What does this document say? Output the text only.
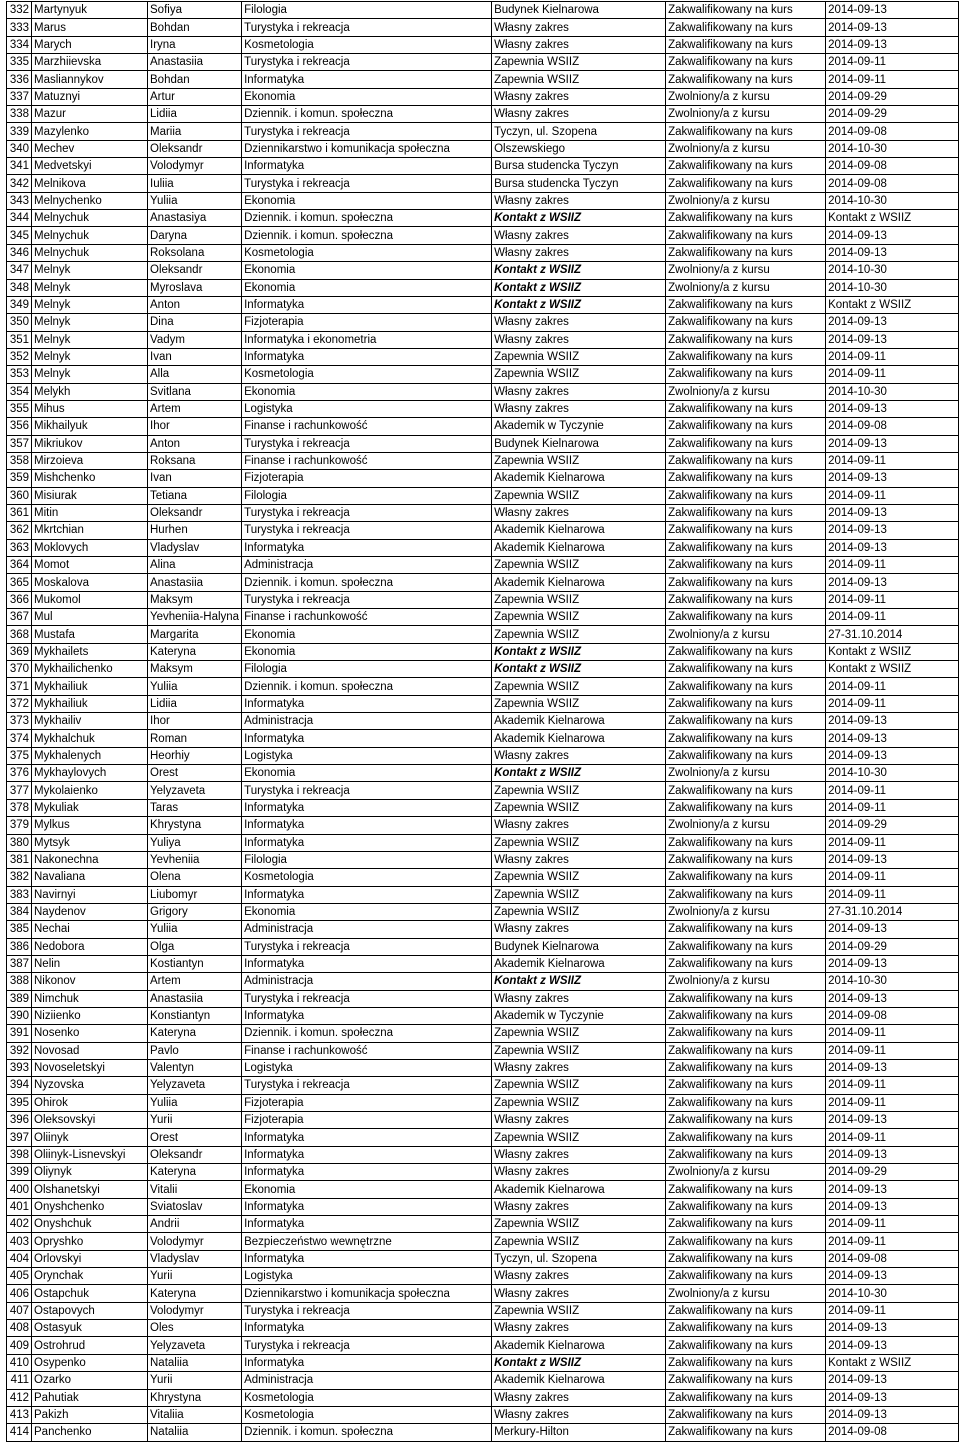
332	Martynyuk	Sofiya	Filologia	Budynek Kielnarowa	Zakwalifikowany na kurs	2014-09-13
333	Marus	Bohdan	Turystyka i rekreacja	Własny zakres	Zakwalifikowany na kurs	2014-09-13
334	Marych	Iryna	Kosmetologia	Własny zakres	Zakwalifikowany na kurs	2014-09-13
335	Marzhiievska	Anastasiia	Turystyka i rekreacja	Zapewnia WSIIZ	Zakwalifikowany na kurs	2014-09-11
336	Masliannykov	Bohdan	Informatyka	Zapewnia WSIIZ	Zakwalifikowany na kurs	2014-09-11
337	Matuznyi	Artur	Ekonomia	Własny zakres	Zwolniony/a z kursu	2014-09-29
338	Mazur	Lidiia	Dziennik. i komun. społeczna	Własny zakres	Zwolniony/a z kursu	2014-09-29
339	Mazylenko	Mariia	Turystyka i rekreacja	Tyczyn, ul. Szopena	Zakwalifikowany na kurs	2014-09-08
340	Mechev	Oleksandr	Dziennikarstwo i komunikacja społeczna	Olszewskiego	Zwolniony/a z kursu	2014-10-30
341	Medvetskyi	Volodymyr	Informatyka	Bursa studencka Tyczyn	Zakwalifikowany na kurs	2014-09-08
342	Melnikova	Iuliia	Turystyka i rekreacja	Bursa studencka Tyczyn	Zakwalifikowany na kurs	2014-09-08
343	Melnychenko	Yuliia	Ekonomia	Własny zakres	Zwolniony/a z kursu	2014-10-30
344	Melnychuk	Anastasiya	Dziennik. i komun. społeczna	Kontakt z WSIIZ	Zakwalifikowany na kurs	Kontakt z WSIIZ
345	Melnychuk	Daryna	Dziennik. i komun. społeczna	Własny zakres	Zakwalifikowany na kurs	2014-09-13
346	Melnychuk	Roksolana	Kosmetologia	Własny zakres	Zakwalifikowany na kurs	2014-09-13
347	Melnyk	Oleksandr	Ekonomia	Kontakt z WSIIZ	Zwolniony/a z kursu	2014-10-30
348	Melnyk	Myroslava	Ekonomia	Kontakt z WSIIZ	Zwolniony/a z kursu	2014-10-30
349	Melnyk	Anton	Informatyka	Kontakt z WSIIZ	Zakwalifikowany na kurs	Kontakt z WSIIZ
350	Melnyk	Dina	Fizjoterapia	Własny zakres	Zakwalifikowany na kurs	2014-09-13
351	Melnyk	Vadym	Informatyka i ekonometria	Własny zakres	Zakwalifikowany na kurs	2014-09-13
352	Melnyk	Ivan	Informatyka	Zapewnia WSIIZ	Zakwalifikowany na kurs	2014-09-11
353	Melnyk	Alla	Kosmetologia	Zapewnia WSIIZ	Zakwalifikowany na kurs	2014-09-11
354	Melykh	Svitlana	Ekonomia	Własny zakres	Zwolniony/a z kursu	2014-10-30
355	Mihus	Artem	Logistyka	Własny zakres	Zakwalifikowany na kurs	2014-09-13
356	Mikhailyuk	Ihor	Finanse i rachunkowość	Akademik w Tyczynie	Zakwalifikowany na kurs	2014-09-08
357	Mikriukov	Anton	Turystyka i rekreacja	Budynek Kielnarowa	Zakwalifikowany na kurs	2014-09-13
358	Mirzoieva	Roksana	Finanse i rachunkowość	Zapewnia WSIIZ	Zakwalifikowany na kurs	2014-09-11
359	Mishchenko	Ivan	Fizjoterapia	Akademik Kielnarowa	Zakwalifikowany na kurs	2014-09-13
360	Misiurak	Tetiana	Filologia	Zapewnia WSIIZ	Zakwalifikowany na kurs	2014-09-11
361	Mitin	Oleksandr	Turystyka i rekreacja	Własny zakres	Zakwalifikowany na kurs	2014-09-13
362	Mkrtchian	Hurhen	Turystyka i rekreacja	Akademik Kielnarowa	Zakwalifikowany na kurs	2014-09-13
363	Moklovych	Vladyslav	Informatyka	Akademik Kielnarowa	Zakwalifikowany na kurs	2014-09-13
364	Momot	Alina	Administracja	Zapewnia WSIIZ	Zakwalifikowany na kurs	2014-09-11
365	Moskalova	Anastasiia	Dziennik. i komun. społeczna	Akademik Kielnarowa	Zakwalifikowany na kurs	2014-09-13
366	Mukomol	Maksym	Turystyka i rekreacja	Zapewnia WSIIZ	Zakwalifikowany na kurs	2014-09-11
367	Mul	Yevheniia-Halyna	Finanse i rachunkowość	Zapewnia WSIIZ	Zakwalifikowany na kurs	2014-09-11
368	Mustafa	Margarita	Ekonomia	Zapewnia WSIIZ	Zwolniony/a z kursu	27-31.10.2014
369	Mykhailets	Kateryna	Ekonomia	Kontakt z WSIIZ	Zakwalifikowany na kurs	Kontakt z WSIIZ
370	Mykhailichenko	Maksym	Filologia	Kontakt z WSIIZ	Zakwalifikowany na kurs	Kontakt z WSIIZ
371	Mykhailiuk	Yuliia	Dziennik. i komun. społeczna	Zapewnia WSIIZ	Zakwalifikowany na kurs	2014-09-11
372	Mykhailiuk	Lidiia	Informatyka	Zapewnia WSIIZ	Zakwalifikowany na kurs	2014-09-11
373	Mykhailiv	Ihor	Administracja	Akademik Kielnarowa	Zakwalifikowany na kurs	2014-09-13
374	Mykhalchuk	Roman	Informatyka	Akademik Kielnarowa	Zakwalifikowany na kurs	2014-09-13
375	Mykhalenych	Heorhiy	Logistyka	Własny zakres	Zakwalifikowany na kurs	2014-09-13
376	Mykhaylovych	Orest	Ekonomia	Kontakt z WSIIZ	Zwolniony/a z kursu	2014-10-30
377	Mykolaienko	Yelyzaveta	Turystyka i rekreacja	Zapewnia WSIIZ	Zakwalifikowany na kurs	2014-09-11
378	Mykuliak	Taras	Informatyka	Zapewnia WSIIZ	Zakwalifikowany na kurs	2014-09-11
379	Mylkus	Khrystyna	Informatyka	Własny zakres	Zwolniony/a z kursu	2014-09-29
380	Mytsyk	Yuliya	Informatyka	Zapewnia WSIIZ	Zakwalifikowany na kurs	2014-09-11
381	Nakonechna	Yevheniia	Filologia	Własny zakres	Zakwalifikowany na kurs	2014-09-13
382	Navaliana	Olena	Kosmetologia	Zapewnia WSIIZ	Zakwalifikowany na kurs	2014-09-11
383	Navirnyi	Liubomyr	Informatyka	Zapewnia WSIIZ	Zakwalifikowany na kurs	2014-09-11
384	Naydenov	Grigory	Ekonomia	Zapewnia WSIIZ	Zwolniony/a z kursu	27-31.10.2014
385	Nechai	Yuliia	Administracja	Własny zakres	Zakwalifikowany na kurs	2014-09-13
386	Nedobora	Olga	Turystyka i rekreacja	Budynek Kielnarowa	Zakwalifikowany na kurs	2014-09-29
387	Nelin	Kostiantyn	Informatyka	Akademik Kielnarowa	Zakwalifikowany na kurs	2014-09-13
388	Nikonov	Artem	Administracja	Kontakt z WSIIZ	Zwolniony/a z kursu	2014-10-30
389	Nimchuk	Anastasiia	Turystyka i rekreacja	Własny zakres	Zakwalifikowany na kurs	2014-09-13
390	Niziienko	Konstiantyn	Informatyka	Akademik w Tyczynie	Zakwalifikowany na kurs	2014-09-08
391	Nosenko	Kateryna	Dziennik. i komun. społeczna	Zapewnia WSIIZ	Zakwalifikowany na kurs	2014-09-11
392	Novosad	Pavlo	Finanse i rachunkowość	Zapewnia WSIIZ	Zakwalifikowany na kurs	2014-09-11
393	Novoseletskyi	Valentyn	Logistyka	Własny zakres	Zakwalifikowany na kurs	2014-09-13
394	Nyzovska	Yelyzaveta	Turystyka i rekreacja	Zapewnia WSIIZ	Zakwalifikowany na kurs	2014-09-11
395	Ohirok	Yuliia	Fizjoterapia	Zapewnia WSIIZ	Zakwalifikowany na kurs	2014-09-11
396	Oleksovskyi	Yurii	Fizjoterapia	Własny zakres	Zakwalifikowany na kurs	2014-09-13
397	Oliinyk	Orest	Informatyka	Zapewnia WSIIZ	Zakwalifikowany na kurs	2014-09-11
398	Oliinyk-Lisnevskyi	Oleksandr	Informatyka	Własny zakres	Zakwalifikowany na kurs	2014-09-13
399	Oliynyk	Kateryna	Informatyka	Własny zakres	Zwolniony/a z kursu	2014-09-29
400	Olshanetskyi	Vitalii	Ekonomia	Akademik Kielnarowa	Zakwalifikowany na kurs	2014-09-13
401	Onyshchenko	Sviatoslav	Informatyka	Własny zakres	Zakwalifikowany na kurs	2014-09-13
402	Onyshchuk	Andrii	Informatyka	Zapewnia WSIIZ	Zakwalifikowany na kurs	2014-09-11
403	Opryshko	Volodymyr	Bezpieczeństwo wewnętrzne	Zapewnia WSIIZ	Zakwalifikowany na kurs	2014-09-11
404	Orlovskyi	Vladyslav	Informatyka	Tyczyn, ul. Szopena	Zakwalifikowany na kurs	2014-09-08
405	Orynchak	Yurii	Logistyka	Własny zakres	Zakwalifikowany na kurs	2014-09-13
406	Ostapchuk	Kateryna	Dziennikarstwo i komunikacja społeczna	Własny zakres	Zwolniony/a z kursu	2014-10-30
407	Ostapovych	Volodymyr	Turystyka i rekreacja	Zapewnia WSIIZ	Zakwalifikowany na kurs	2014-09-11
408	Ostasyuk	Oles	Informatyka	Własny zakres	Zakwalifikowany na kurs	2014-09-13
409	Ostrohrud	Yelyzaveta	Turystyka i rekreacja	Akademik Kielnarowa	Zakwalifikowany na kurs	2014-09-13
410	Osypenko	Nataliia	Informatyka	Kontakt z WSIIZ	Zakwalifikowany na kurs	Kontakt z WSIIZ
411	Ozarko	Yurii	Administracja	Akademik Kielnarowa	Zakwalifikowany na kurs	2014-09-13
412	Pahutiak	Khrystyna	Kosmetologia	Własny zakres	Zakwalifikowany na kurs	2014-09-13
413	Pakizh	Vitaliia	Kosmetologia	Własny zakres	Zakwalifikowany na kurs	2014-09-13
414	Panchenko	Nataliia	Dziennik. i komun. społeczna	Merkury-Hilton	Zakwalifikowany na kurs	2014-09-08
